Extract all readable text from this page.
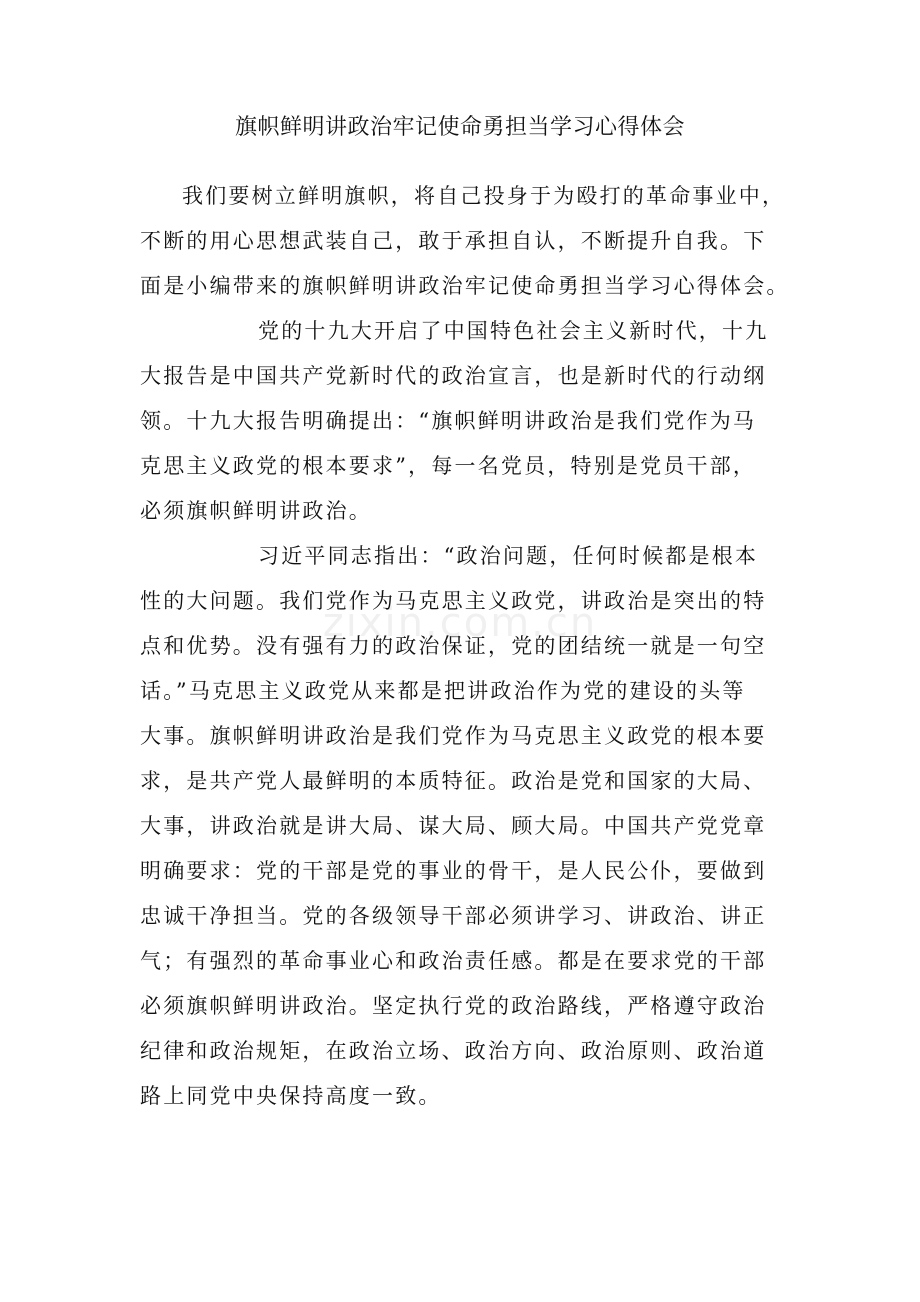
旗帜鲜明讲政治牢记使命勇担当学习心得体会
zixin.com.cn
我们要树立鲜明旗帜，将自己投身于为殴打的革命事业中，
不断的用心思想武装自己，敢于承担自认，不断提升自我。下
面是小编带来的旗帜鲜明讲政治牢记使命勇担当学习心得体会。
党的十九大开启了中国特色社会主义新时代，十九
大报告是中国共产党新时代的政治宣言，也是新时代的行动纲
领。十九大报告明确提出：“旗帜鲜明讲政治是我们党作为马
克思主义政党的根本要求”，每一名党员，特别是党员干部，
必须旗帜鲜明讲政治。
习近平同志指出：“政治问题，任何时候都是根本
性的大问题。我们党作为马克思主义政党，讲政治是突出的特
点和优势。没有强有力的政治保证，党的团结统一就是一句空
话。”马克思主义政党从来都是把讲政治作为党的建设的头等
大事。旗帜鲜明讲政治是我们党作为马克思主义政党的根本要
求，是共产党人最鲜明的本质特征。政治是党和国家的大局、
大事，讲政治就是讲大局、谋大局、顾大局。中国共产党党章
明确要求：党的干部是党的事业的骨干，是人民公仆，要做到
忠诚干净担当。党的各级领导干部必须讲学习、讲政治、讲正
气；有强烈的革命事业心和政治责任感。都是在要求党的干部
必须旗帜鲜明讲政治。坚定执行党的政治路线，严格遵守政治
纪律和政治规矩，在政治立场、政治方向、政治原则、政治道
路上同党中央保持高度一致。
